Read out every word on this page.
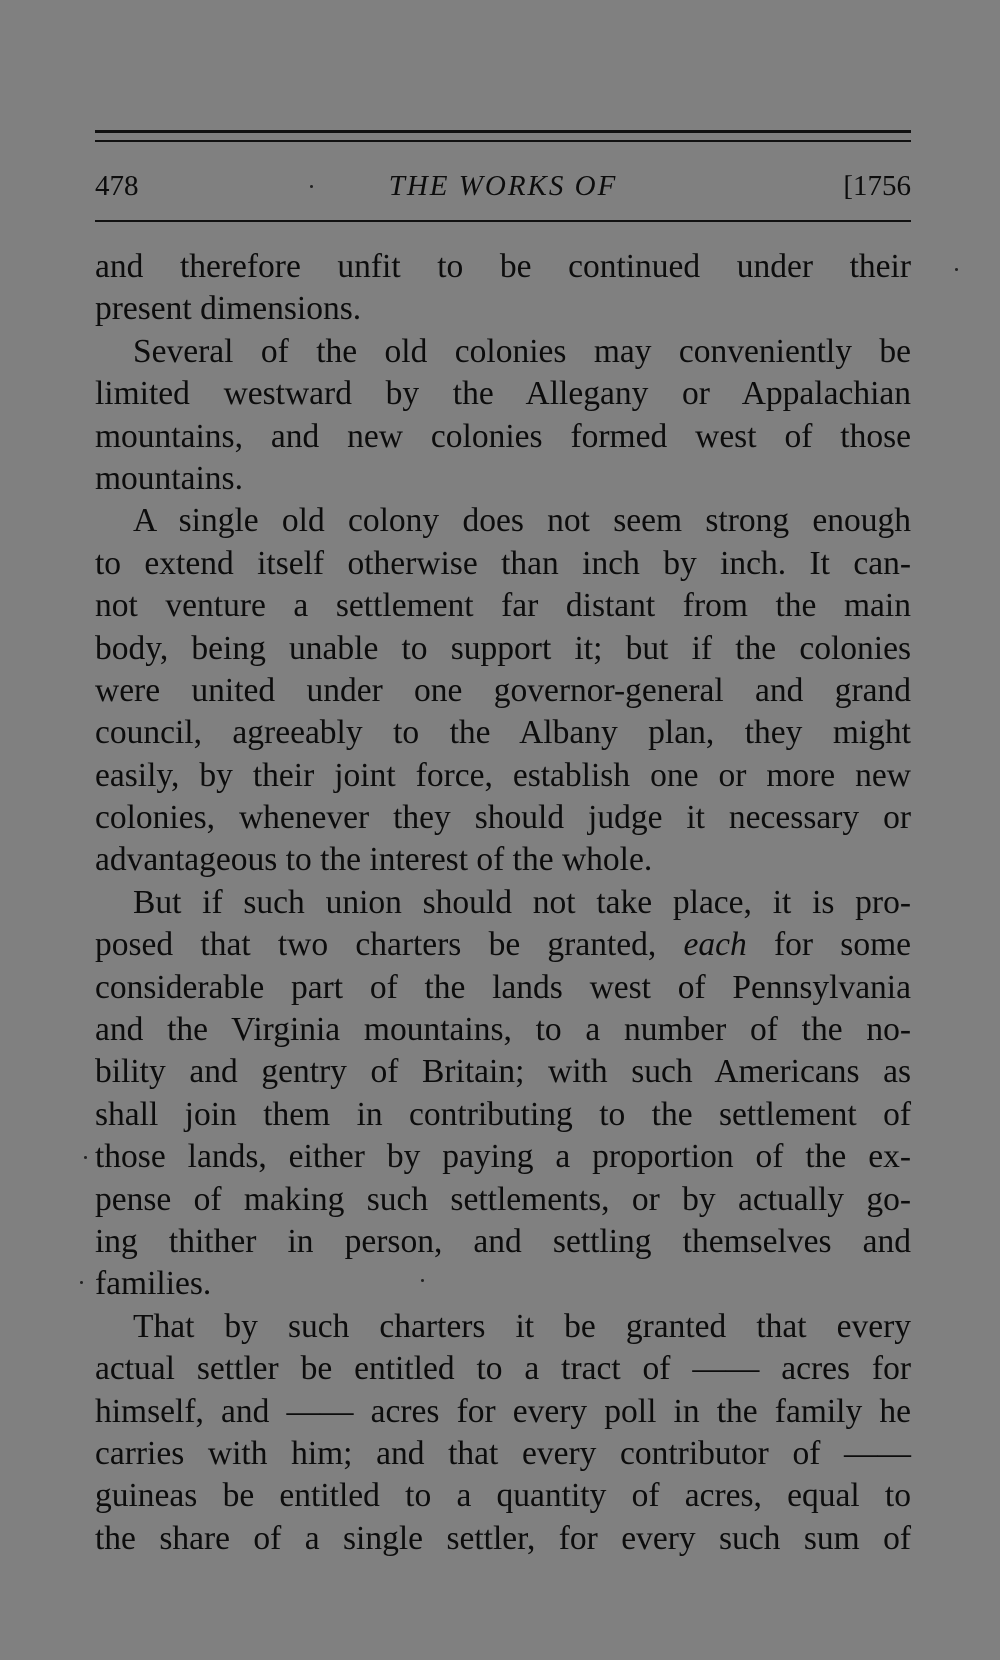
478	THE WORKS OF	[1756
and therefore unfit to be continued under their
present dimensions.
Several of the old colonies may conveniently be
limited westward by the Allegany or Appalachian
mountains, and new colonies formed west of those
mountains.
A single old colony does not seem strong enough
to extend itself otherwise than inch by inch. It can-
not venture a settlement far distant from the main
body, being unable to support it; but if the colonies
were united under one governor-general and grand
council, agreeably to the Albany plan, they might
easily, by their joint force, establish one or more new
colonies, whenever they should judge it necessary or
advantageous to the interest of the whole.
But if such union should not take place, it is pro-
posed that two charters be granted, each for some
considerable part of the lands west of Pennsylvania
and the Virginia mountains, to a number of the no-
bility and gentry of Britain; with such Americans as
shall join them in contributing to the settlement of
those lands, either by paying a proportion of the ex-
pense of making such settlements, or by actually go-
ing thither in person, and settling themselves and
families.
That by such charters it be granted that every
actual settler be entitled to a tract of —— acres for
himself, and —— acres for every poll in the family he
carries with him; and that every contributor of ——
guineas be entitled to a quantity of acres, equal to
the share of a single settler, for every such sum of
